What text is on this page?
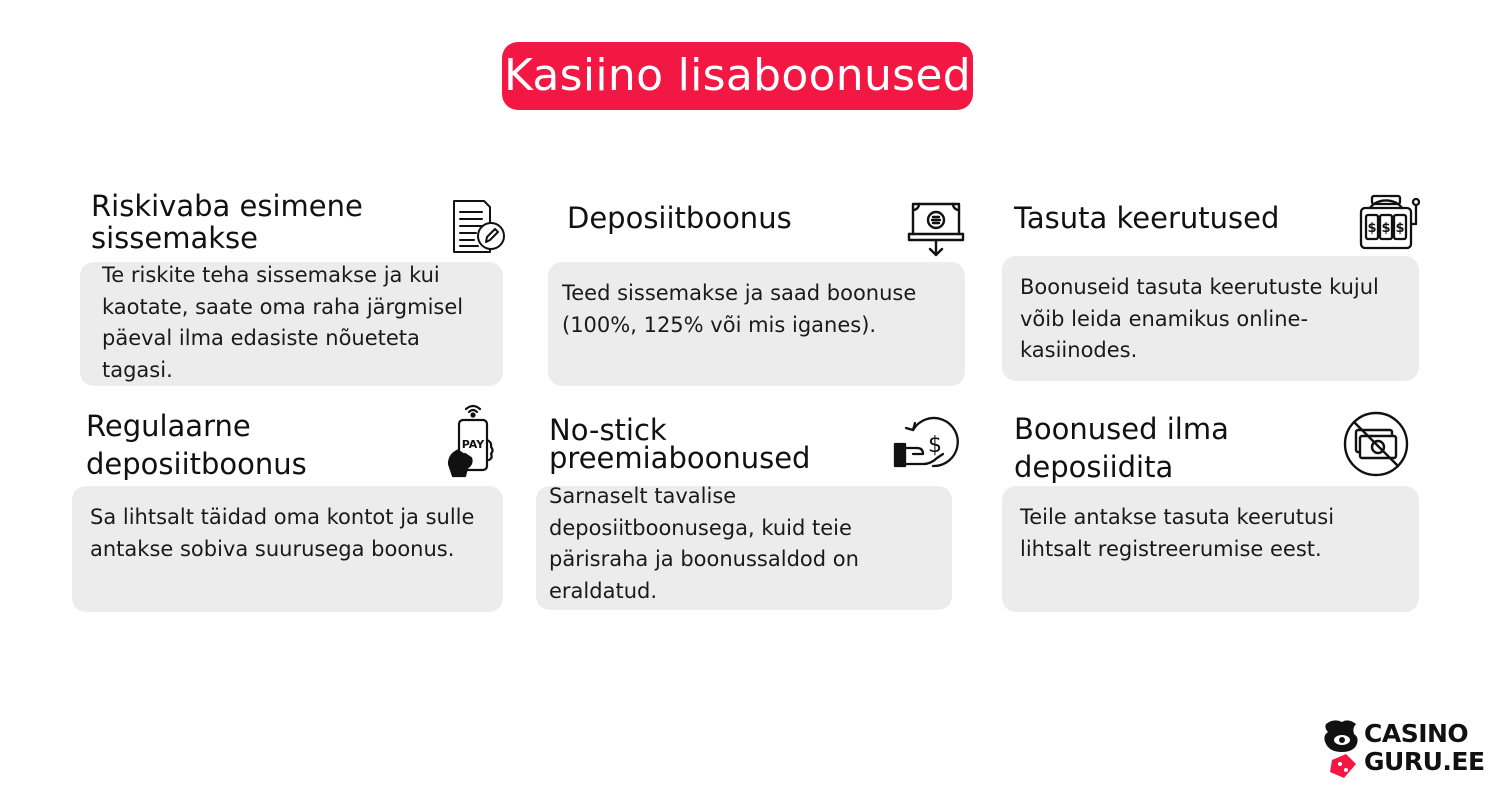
Kasiino lisaboonused
Riskivaba esimene sissemakse

Te riskite teha sissemakse ja kui kaotate, saate oma raha järgmisel päeval ilma edasiste nõueteta tagasi.

Deposiitboonus

Teed sissemakse ja saad boonuse (100%, 125% või mis iganes).

Tasuta keerutused	$ $ $

Boonuseid tasuta keerutuste kujul võib leida enamikus online-kasiinodes.

Regulaarne deposiitboonus
PAY

Sa lihtsalt täidad oma kontot ja sulle antakse sobiva suurusega boonus.

No-stick preemiaboonused	$

Sarnaselt tavalise deposiitboonusega, kuid teie pärisraha ja boonussaldod on eraldatud.

Boonused ilma deposiidita

Teile antakse tasuta keerutusi lihtsalt registreerumise eest.

CASINO
GURU.EE
